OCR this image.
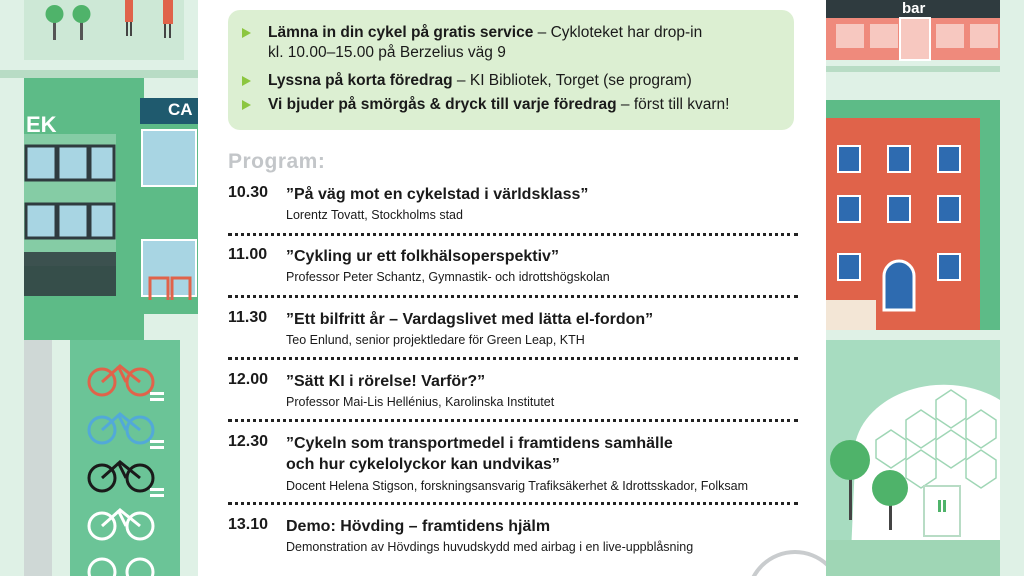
EK
CA
bar
Lämna in din cykel på gratis service – Cykloteket har drop-in
kl. 10.00–15.00 på Berzelius väg 9
Lyssna på korta föredrag – KI Bibliotek, Torget (se program)
Vi bjuder på smörgås & dryck till varje föredrag – först till kvarn!
Program:
10.30 ”På väg mot en cykelstad i världsklass”
Lorentz Tovatt, Stockholms stad
11.00 ”Cykling ur ett folkhälsoperspektiv”
Professor Peter Schantz, Gymnastik- och idrottshögskolan
11.30 ”Ett bilfritt år – Vardagslivet med lätta el-fordon”
Teo Enlund, senior projektledare för Green Leap, KTH
12.00 ”Sätt KI i rörelse! Varför?”
Professor Mai-Lis Hellénius, Karolinska Institutet
12.30 ”Cykeln som transportmedel i framtidens samhälle
och hur cykelolyckor kan undvikas”
Docent Helena Stigson, forskningsansvarig Trafiksäkerhet & Idrottsskador, Folksam
13.10 Demo: Hövding – framtidens hjälm
Demonstration av Hövdings huvudskydd med airbag i en live-uppblåsning
